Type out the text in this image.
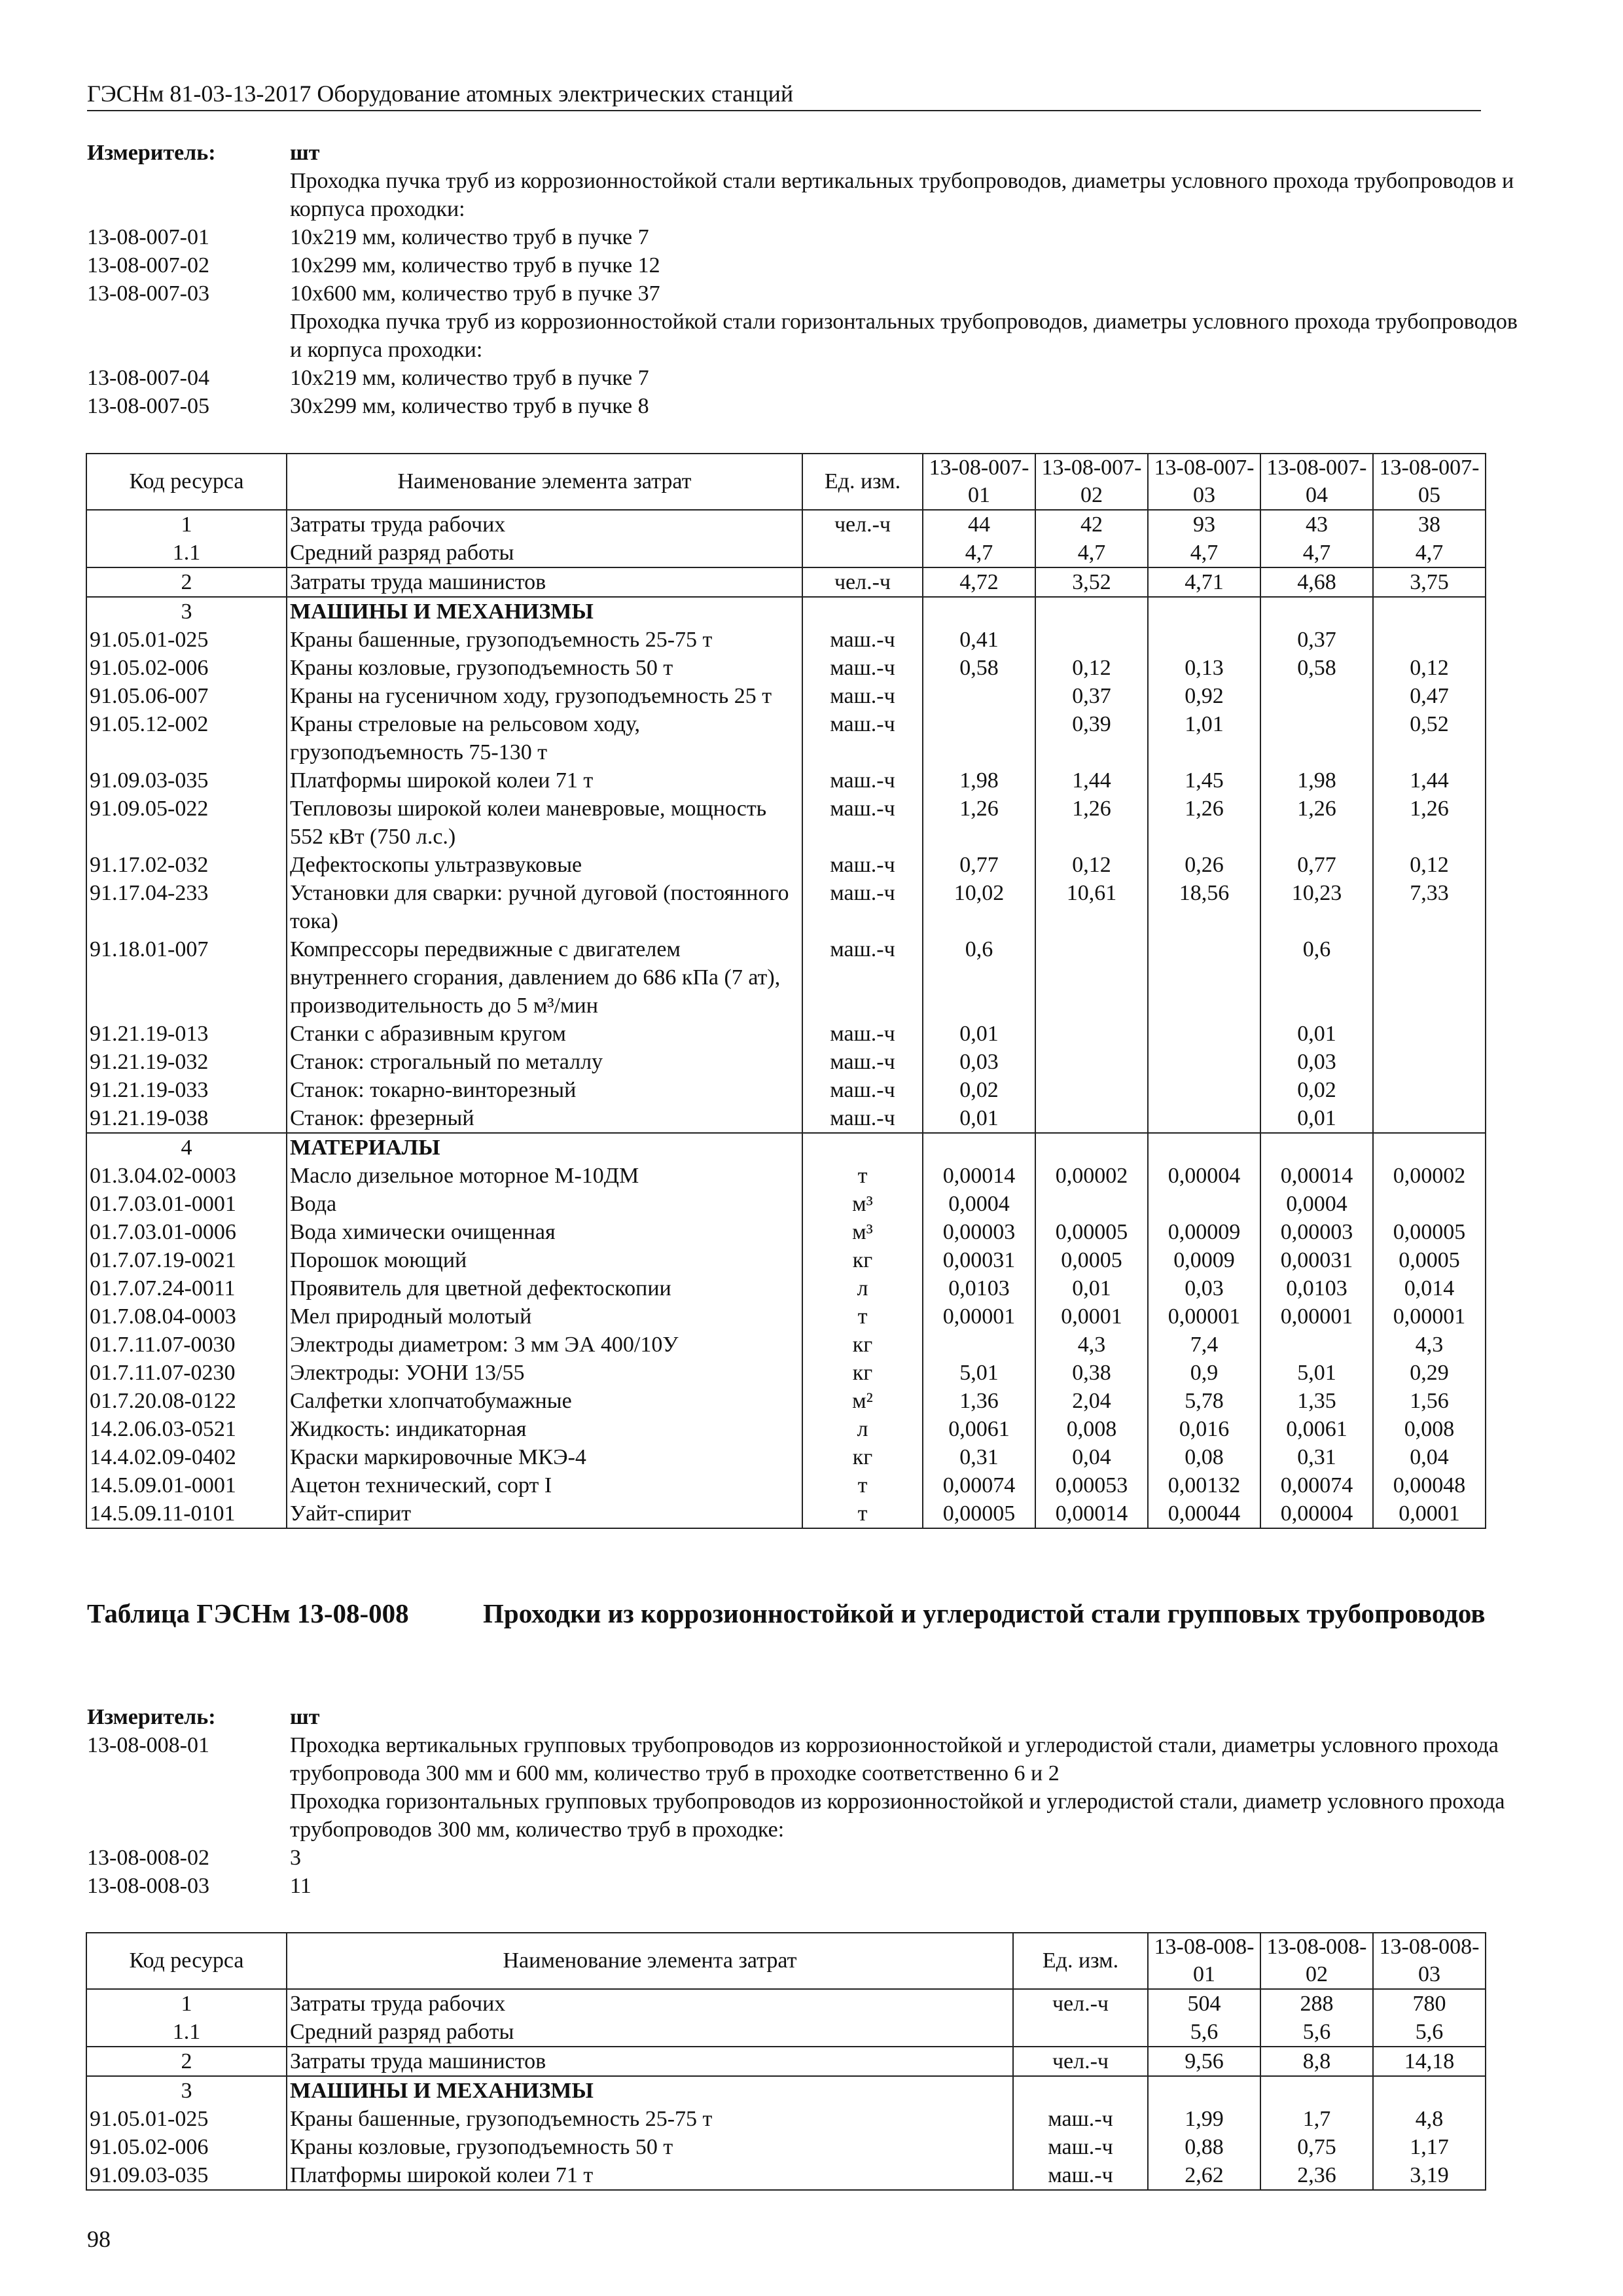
ГЭСНм 81-03-13-2017 Оборудование атомных электрических станций
Измеритель:	шт
Проходка пучка труб из коррозионностойкой стали вертикальных трубопроводов, диаметры условного прохода трубопроводов и корпуса проходки:
13-08-007-01	10х219 мм, количество труб в пучке 7
13-08-007-02	10х299 мм, количество труб в пучке 12
13-08-007-03	10х600 мм, количество труб в пучке 37
Проходка пучка труб из коррозионностойкой стали горизонтальных трубопроводов, диаметры условного прохода трубопроводов и корпуса проходки:
13-08-007-04	10х219 мм, количество труб в пучке 7
13-08-007-05	30х299 мм, количество труб в пучке 8
Код ресурса	Наименование элемента затрат	Ед. изм.	13-08-007-01	13-08-007-02	13-08-007-03	13-08-007-04	13-08-007-05
1	Затраты труда рабочих	чел.-ч	44	42	93	43	38
1.1	Средний разряд работы		4,7	4,7	4,7	4,7	4,7
2	Затраты труда машинистов	чел.-ч	4,72	3,52	4,71	4,68	3,75
3	МАШИНЫ И МЕХАНИЗМЫ						
91.05.01-025	Краны башенные, грузоподъемность 25-75 т	маш.-ч	0,41			0,37	
91.05.02-006	Краны козловые, грузоподъемность 50 т	маш.-ч	0,58	0,12	0,13	0,58	0,12
91.05.06-007	Краны на гусеничном ходу, грузоподъемность 25 т	маш.-ч		0,37	0,92		0,47
91.05.12-002	Краны стреловые на рельсовом ходу, грузоподъемность 75-130 т	маш.-ч		0,39	1,01		0,52
91.09.03-035	Платформы широкой колеи 71 т	маш.-ч	1,98	1,44	1,45	1,98	1,44
91.09.05-022	Тепловозы широкой колеи маневровые, мощность 552 кВт (750 л.с.)	маш.-ч	1,26	1,26	1,26	1,26	1,26
91.17.02-032	Дефектоскопы ультразвуковые	маш.-ч	0,77	0,12	0,26	0,77	0,12
91.17.04-233	Установки для сварки: ручной дуговой (постоянного тока)	маш.-ч	10,02	10,61	18,56	10,23	7,33
91.18.01-007	Компрессоры передвижные с двигателем внутреннего сгорания, давлением до 686 кПа (7 ат), производительность до 5 м³/мин	маш.-ч	0,6			0,6	
91.21.19-013	Станки с абразивным кругом	маш.-ч	0,01			0,01	
91.21.19-032	Станок: строгальный по металлу	маш.-ч	0,03			0,03	
91.21.19-033	Станок: токарно-винторезный	маш.-ч	0,02			0,02	
91.21.19-038	Станок: фрезерный	маш.-ч	0,01			0,01	
4	МАТЕРИАЛЫ						
01.3.04.02-0003	Масло дизельное моторное М-10ДМ	т	0,00014	0,00002	0,00004	0,00014	0,00002
01.7.03.01-0001	Вода	м³	0,0004			0,0004	
01.7.03.01-0006	Вода химически очищенная	м³	0,00003	0,00005	0,00009	0,00003	0,00005
01.7.07.19-0021	Порошок моющий	кг	0,00031	0,0005	0,0009	0,00031	0,0005
01.7.07.24-0011	Проявитель для цветной дефектоскопии	л	0,0103	0,01	0,03	0,0103	0,014
01.7.08.04-0003	Мел природный молотый	т	0,00001	0,0001	0,00001	0,00001	0,00001
01.7.11.07-0030	Электроды диаметром: 3 мм ЭА 400/10У	кг		4,3	7,4		4,3
01.7.11.07-0230	Электроды: УОНИ 13/55	кг	5,01	0,38	0,9	5,01	0,29
01.7.20.08-0122	Салфетки хлопчатобумажные	м²	1,36	2,04	5,78	1,35	1,56
14.2.06.03-0521	Жидкость: индикаторная	л	0,0061	0,008	0,016	0,0061	0,008
14.4.02.09-0402	Краски маркировочные МКЭ-4	кг	0,31	0,04	0,08	0,31	0,04
14.5.09.01-0001	Ацетон технический, сорт I	т	0,00074	0,00053	0,00132	0,00074	0,00048
14.5.09.11-0101	Уайт-спирит	т	0,00005	0,00014	0,00044	0,00004	0,0001
Таблица ГЭСНм 13-08-008	Проходки из коррозионностойкой и углеродистой стали групповых трубопроводов
Измеритель:	шт
13-08-008-01	Проходка вертикальных групповых трубопроводов из коррозионностойкой и углеродистой стали, диаметры условного прохода трубопровода 300 мм и 600 мм, количество труб в проходке соответственно 6 и 2
Проходка горизонтальных групповых трубопроводов из коррозионностойкой и углеродистой стали, диаметр условного прохода трубопроводов 300 мм, количество труб в проходке:
13-08-008-02	3
13-08-008-03	11
Код ресурса	Наименование элемента затрат	Ед. изм.	13-08-008-01	13-08-008-02	13-08-008-03
1	Затраты труда рабочих	чел.-ч	504	288	780
1.1	Средний разряд работы		5,6	5,6	5,6
2	Затраты труда машинистов	чел.-ч	9,56	8,8	14,18
3	МАШИНЫ И МЕХАНИЗМЫ				
91.05.01-025	Краны башенные, грузоподъемность 25-75 т	маш.-ч	1,99	1,7	4,8
91.05.02-006	Краны козловые, грузоподъемность 50 т	маш.-ч	0,88	0,75	1,17
91.09.03-035	Платформы широкой колеи 71 т	маш.-ч	2,62	2,36	3,19
98
